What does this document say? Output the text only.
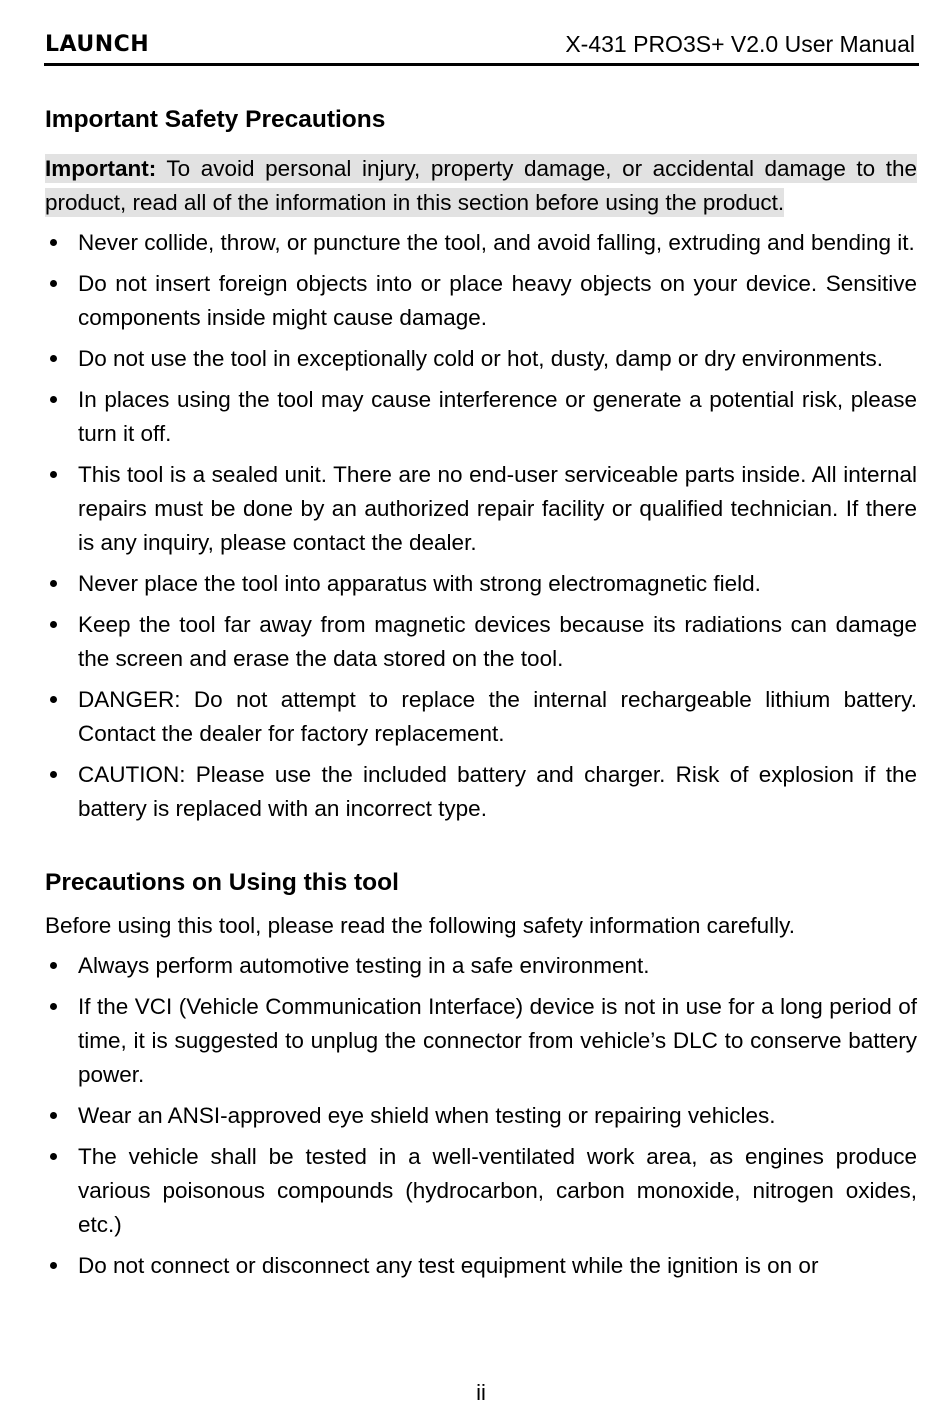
LAUNCH	X-431 PRO3S+ V2.0 User Manual
Important Safety Precautions

Important: To avoid personal injury, property damage, or accidental damage to the product, read all of the information in this section before using the product.

Never collide, throw, or puncture the tool, and avoid falling, extruding and bending it.
Do not insert foreign objects into or place heavy objects on your device. Sensitive components inside might cause damage.
Do not use the tool in exceptionally cold or hot, dusty, damp or dry environments.
In places using the tool may cause interference or generate a potential risk, please turn it off.
This tool is a sealed unit. There are no end-user serviceable parts inside. All internal repairs must be done by an authorized repair facility or qualified technician. If there is any inquiry, please contact the dealer.
Never place the tool into apparatus with strong electromagnetic field.
Keep the tool far away from magnetic devices because its radiations can damage the screen and erase the data stored on the tool.
DANGER: Do not attempt to replace the internal rechargeable lithium battery. Contact the dealer for factory replacement.
CAUTION: Please use the included battery and charger. Risk of explosion if the battery is replaced with an incorrect type.
Precautions on Using this tool

Before using this tool, please read the following safety information carefully.

Always perform automotive testing in a safe environment.
If the VCI (Vehicle Communication Interface) device is not in use for a long period of time, it is suggested to unplug the connector from vehicle’s DLC to conserve battery power.
Wear an ANSI-approved eye shield when testing or repairing vehicles.
The vehicle shall be tested in a well-ventilated work area, as engines produce various poisonous compounds (hydrocarbon, carbon monoxide, nitrogen oxides, etc.)
Do not connect or disconnect any test equipment while the ignition is on or
ii
